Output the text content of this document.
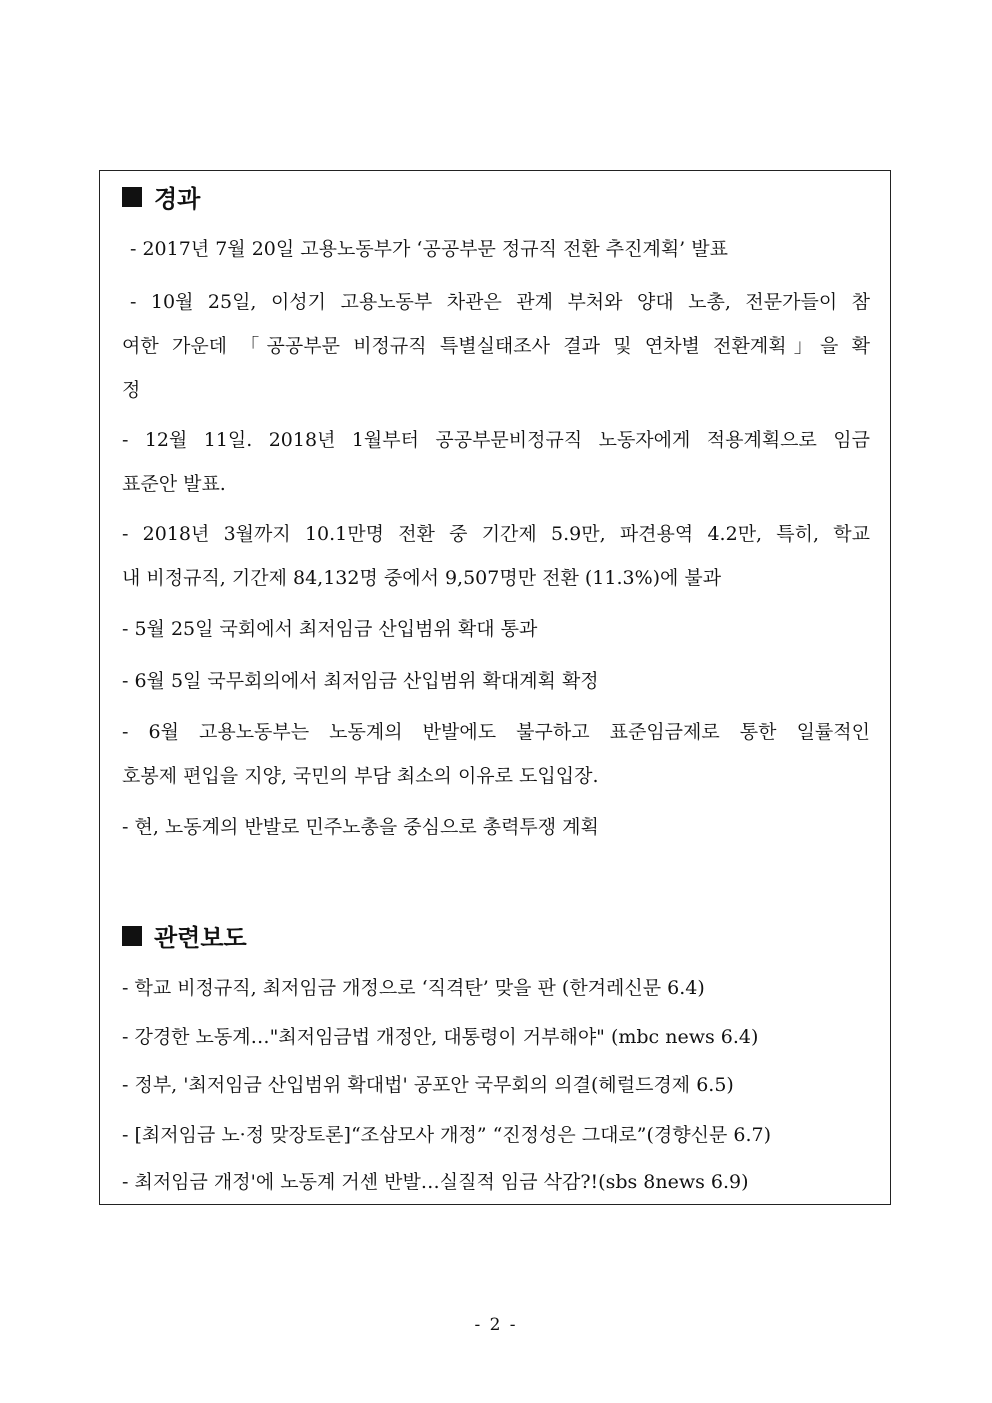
경과
- 2017년 7월 20일 고용노동부가 ‘공공부문 정규직 전환 추진계획’ 발표
- 10월 25일, 이성기 고용노동부 차관은 관계 부처와 양대 노총, 전문가들이 참
여한 가운데 「공공부문 비정규직 특별실태조사 결과 및 연차별 전환계획」을 확
정
- 12월 11일. 2018년 1월부터 공공부문비정규직 노동자에게 적용계획으로 임금
표준안 발표.
- 2018년 3월까지 10.1만명 전환 중 기간제 5.9만, 파견용역 4.2만, 특히, 학교
내 비정규직, 기간제 84,132명 중에서 9,507명만 전환 (11.3%)에 불과
- 5월 25일 국회에서 최저임금 산입범위 확대 통과
- 6월 5일 국무회의에서 최저임금 산입범위 확대계획 확정
- 6월 고용노동부는 노동계의 반발에도 불구하고 표준임금제로 통한 일률적인
호봉제 편입을 지양, 국민의 부담 최소의 이유로 도입입장.
- 현, 노동계의 반발로 민주노총을 중심으로 총력투쟁 계획
관련보도
- 학교 비정규직, 최저임금 개정으로 ‘직격탄’ 맞을 판 (한겨레신문 6.4)
- 강경한 노동계…"최저임금법 개정안, 대통령이 거부해야" (mbc news 6.4)
- 정부, '최저임금 산입범위 확대법' 공포안 국무회의 의결(헤럴드경제 6.5)
- [최저임금 노·정 맞장토론]“조삼모사 개정” “진정성은 그대로”(경향신문 6.7)
- 최저임금 개정'에 노동계 거센 반발…실질적 임금 삭감?!(sbs 8news 6.9)
- 2 -
